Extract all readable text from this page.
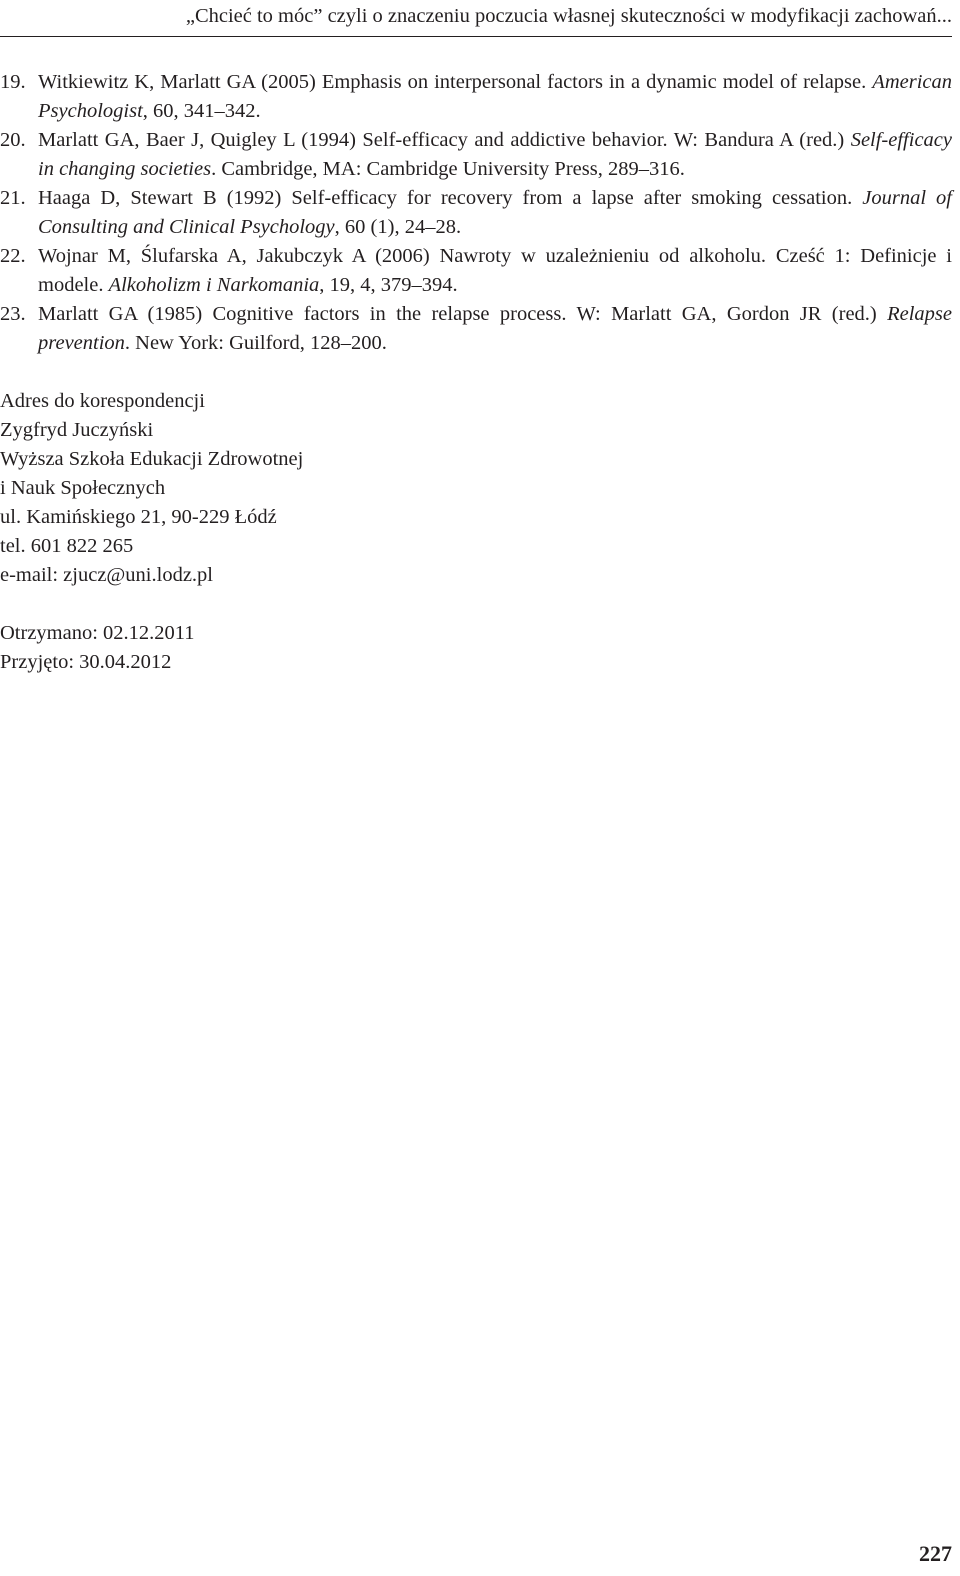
„Chcieć to móc” czyli o znaczeniu poczucia własnej skuteczności w modyfikacji zachowań...
19. Witkiewitz K, Marlatt GA (2005) Emphasis on interpersonal factors in a dynamic model of relapse. American Psychologist, 60, 341–342.
20. Marlatt GA, Baer J, Quigley L (1994) Self-efficacy and addictive behavior. W: Bandura A (red.) Self-efficacy in changing societies. Cambridge, MA: Cambridge University Press, 289–316.
21. Haaga D, Stewart B (1992) Self-efficacy for recovery from a lapse after smoking cessation. Journal of Consulting and Clinical Psychology, 60 (1), 24–28.
22. Wojnar M, Ślufarska A, Jakubczyk A (2006) Nawroty w uzależnieniu od alkoholu. Cześć 1: Definicje i modele. Alkoholizm i Narkomania, 19, 4, 379–394.
23. Marlatt GA (1985) Cognitive factors in the relapse process. W: Marlatt GA, Gordon JR (red.) Relapse prevention. New York: Guilford, 128–200.
Adres do korespondencji
Zygfryd Juczyński
Wyższa Szkoła Edukacji Zdrowotnej
i Nauk Społecznych
ul. Kamińskiego 21, 90-229 Łódź
tel. 601 822 265
e-mail: zjucz@uni.lodz.pl
Otrzymano: 02.12.2011
Przyjęto: 30.04.2012
227
